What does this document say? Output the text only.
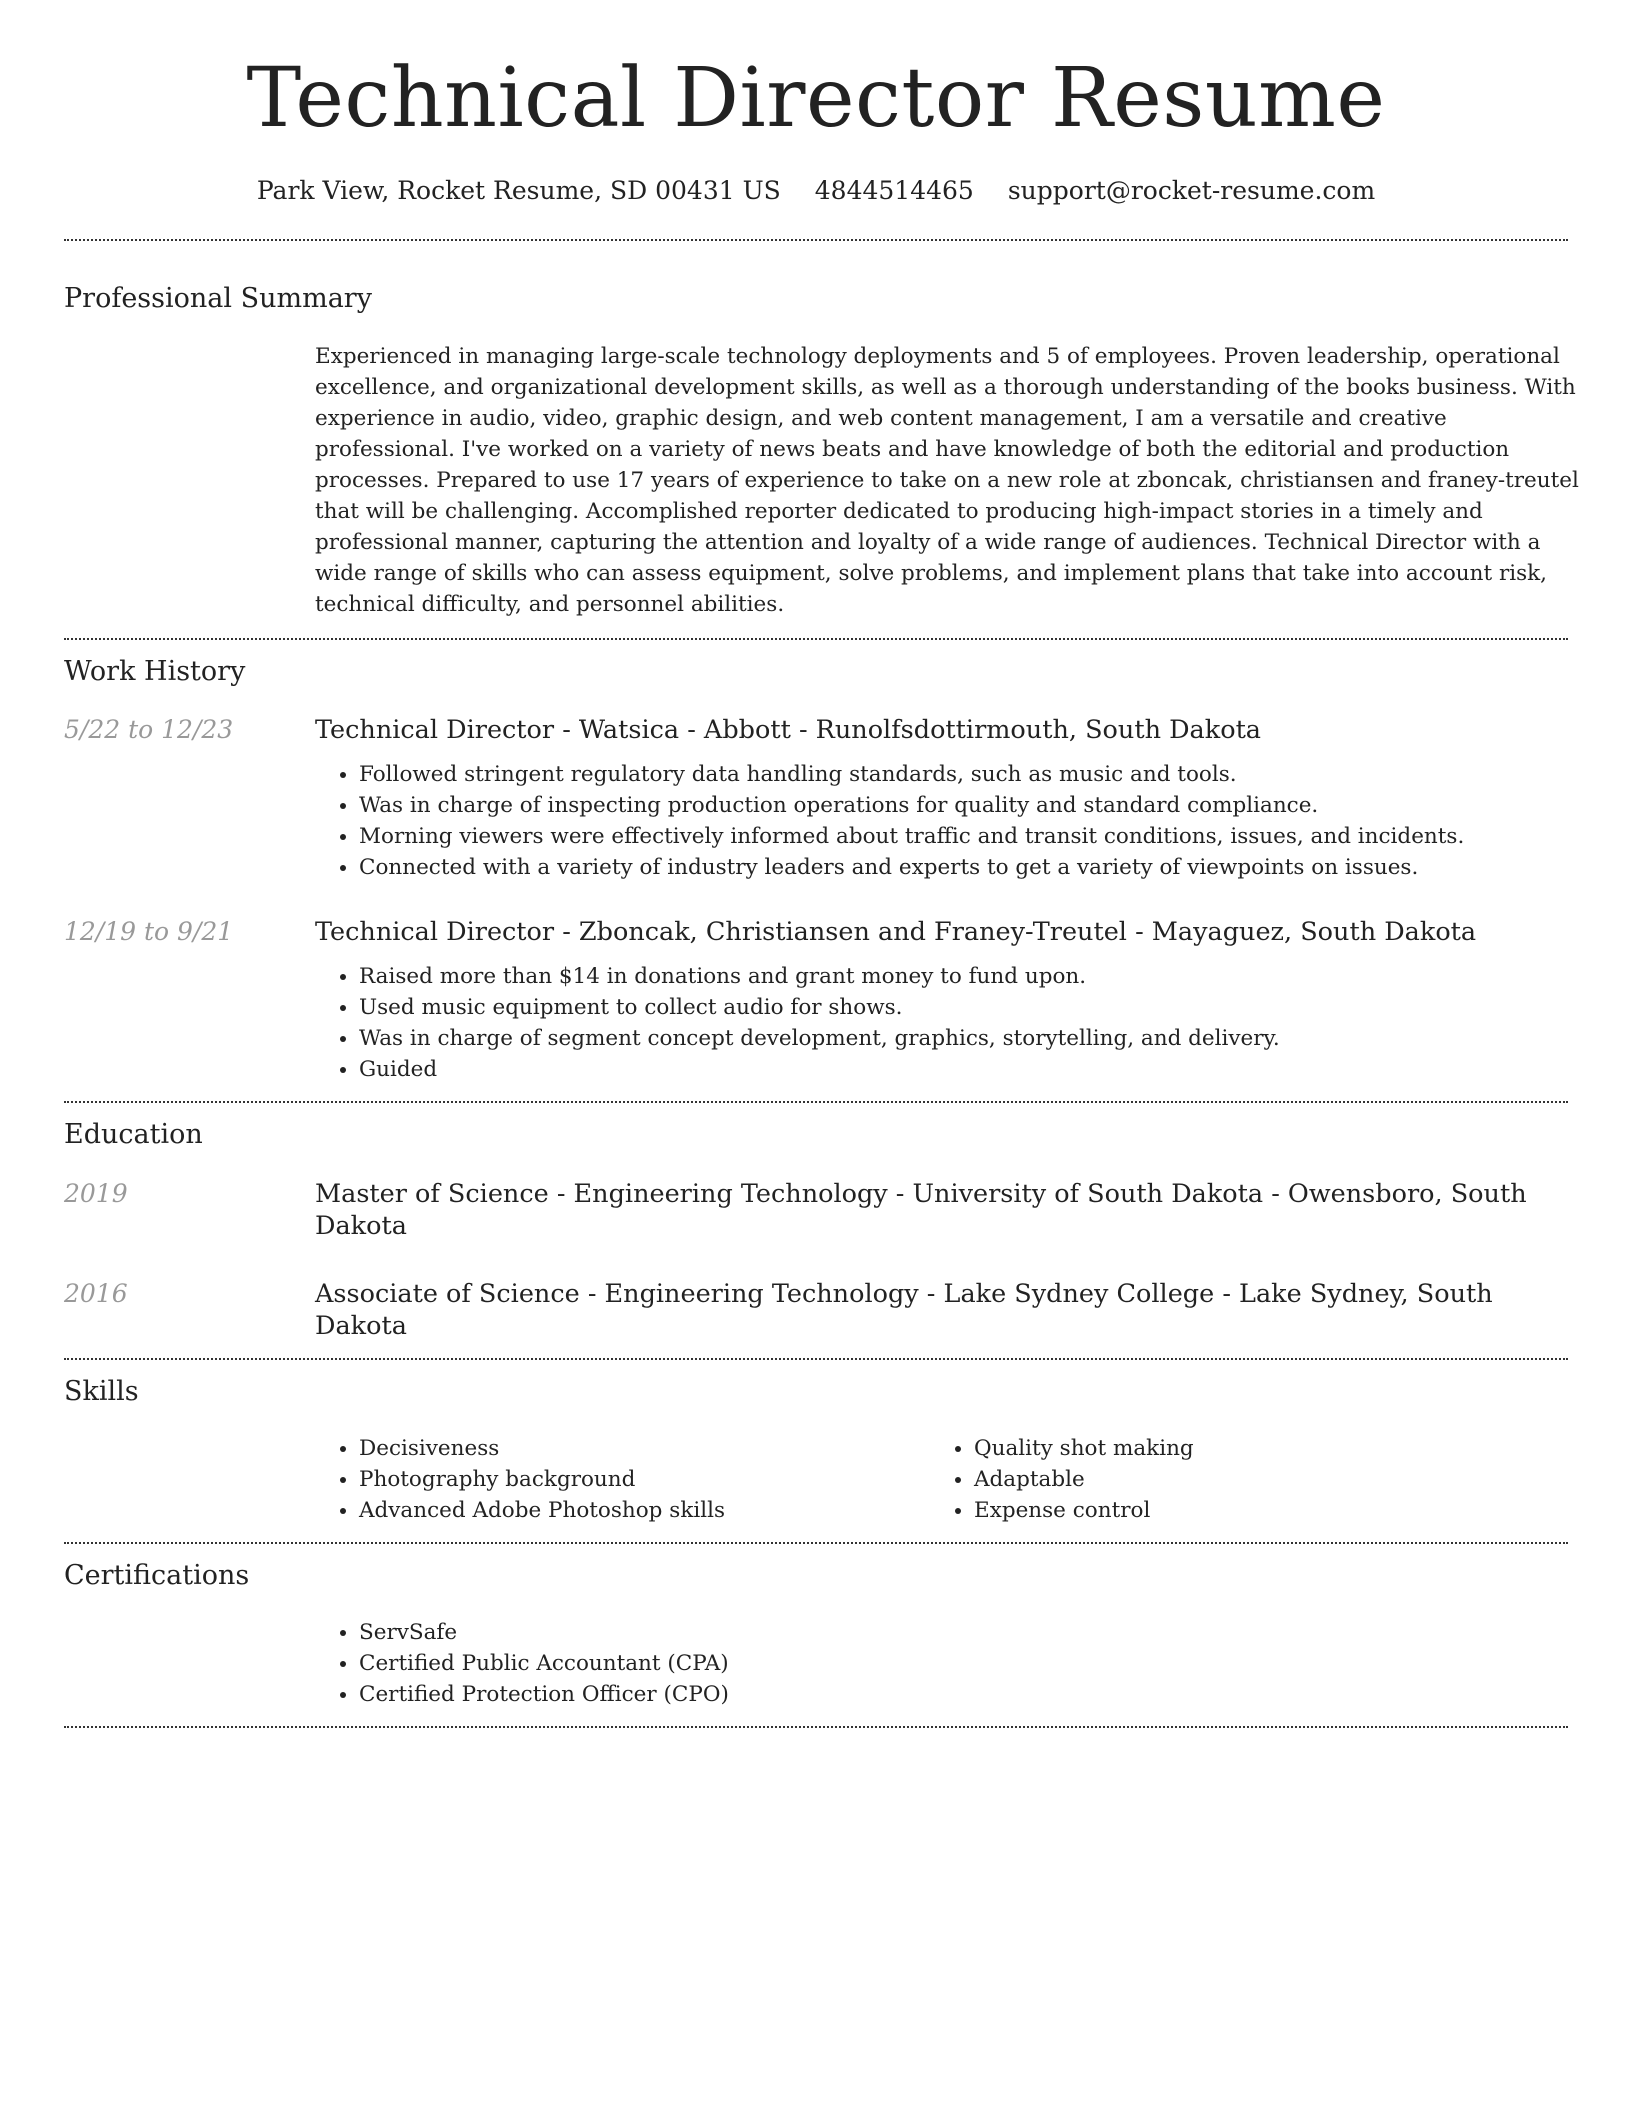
Technical Director Resume
Park View, Rocket Resume, SD 00431 US 4844514465 support@rocket-resume.com
Professional Summary

Experienced in managing large-scale technology deployments and 5 of employees. Proven leadership, operational excellence, and organizational development skills, as well as a thorough understanding of the books business. With experience in audio, video, graphic design, and web content management, I am a versatile and creative professional. I've worked on a variety of news beats and have knowledge of both the editorial and production processes. Prepared to use 17 years of experience to take on a new role at zboncak, christiansen and franey-treutel that will be challenging. Accomplished reporter dedicated to producing high-impact stories in a timely and professional manner, capturing the attention and loyalty of a wide range of audiences. Technical Director with a wide range of skills who can assess equipment, solve problems, and implement plans that take into account risk, technical difficulty, and personnel abilities.

Work History
5/22 to 12/23	Technical Director - Watsica - Abbott - Runolfsdottirmouth, South Dakota
• Followed stringent regulatory data handling standards, such as music and tools.
• Was in charge of inspecting production operations for quality and standard compliance.
• Morning viewers were effectively informed about traffic and transit conditions, issues, and incidents.
• Connected with a variety of industry leaders and experts to get a variety of viewpoints on issues.
12/19 to 9/21	Technical Director - Zboncak, Christiansen and Franey-Treutel - Mayaguez, South Dakota
• Raised more than $14 in donations and grant money to fund upon.
• Used music equipment to collect audio for shows.
• Was in charge of segment concept development, graphics, storytelling, and delivery.
• Guided
Education
2019	Master of Science - Engineering Technology - University of South Dakota - Owensboro, South Dakota
2016	Associate of Science - Engineering Technology - Lake Sydney College - Lake Sydney, South Dakota
Skills
• Decisiveness
• Photography background
• Advanced Adobe Photoshop skills
• Quality shot making
• Adaptable
• Expense control
Certifications
• ServSafe
• Certified Public Accountant (CPA)
• Certified Protection Officer (CPO)
